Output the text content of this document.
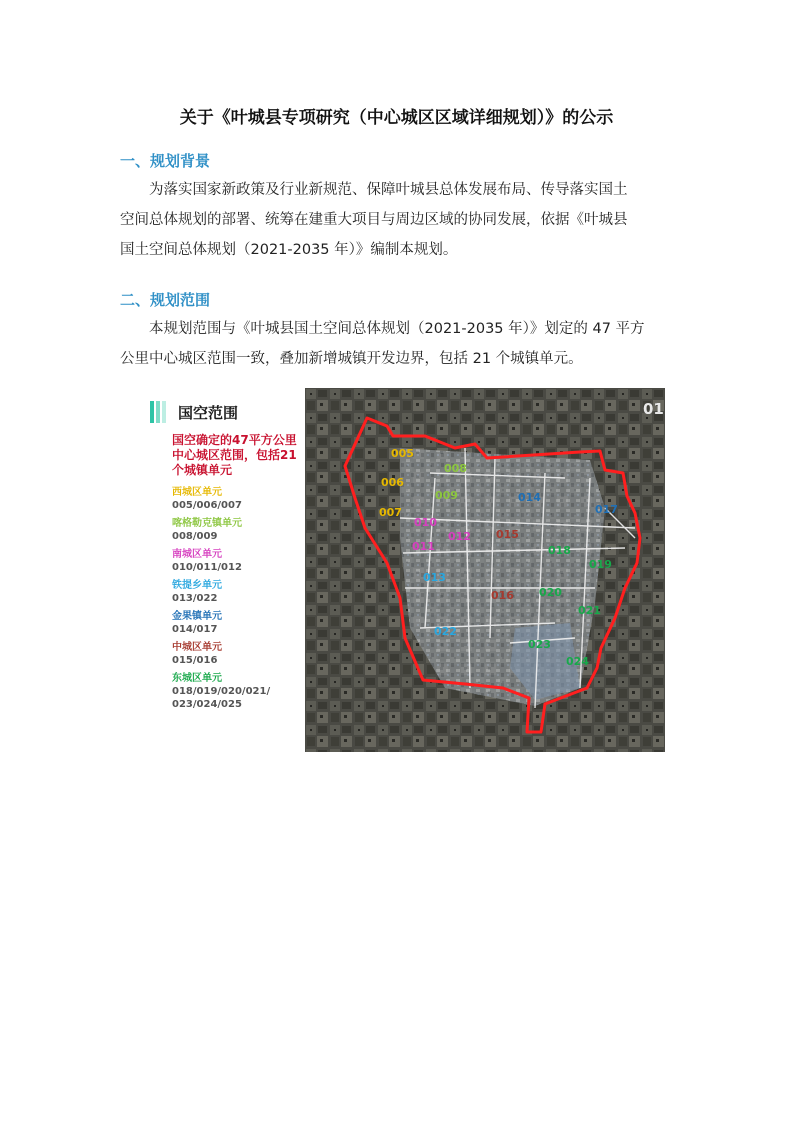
关于《叶城县专项研究（中心城区区域详细规划）》的公示
一、规划背景

为落实国家新政策及行业新规范、保障叶城县总体发展布局、传导落实国土

空间总体规划的部署、统筹在建重大项目与周边区域的协同发展，依据《叶城县

国土空间总体规划（2021-2035 年）》编制本规划。

二、规划范围

本规划范围与《叶城县国土空间总体规划（2021-2035 年）》划定的 47 平方

公里中心城区范围一致，叠加新增城镇开发边界，包括 21 个城镇单元。

国空范围
国空确定的47平方公里中心城区范围，包括21个城镇单元
西城区单元
005/006/007
喀格勒克镇单元
008/009
南城区单元
010/011/012
铁提乡单元
013/022
金果镇单元
014/017
中城区单元
015/016
东城区单元
018/019/020/021/
023/024/025
01
005
006
007
008
009
010
011
012
013
022
014
017
015
016
018
019
020
021
023
024
